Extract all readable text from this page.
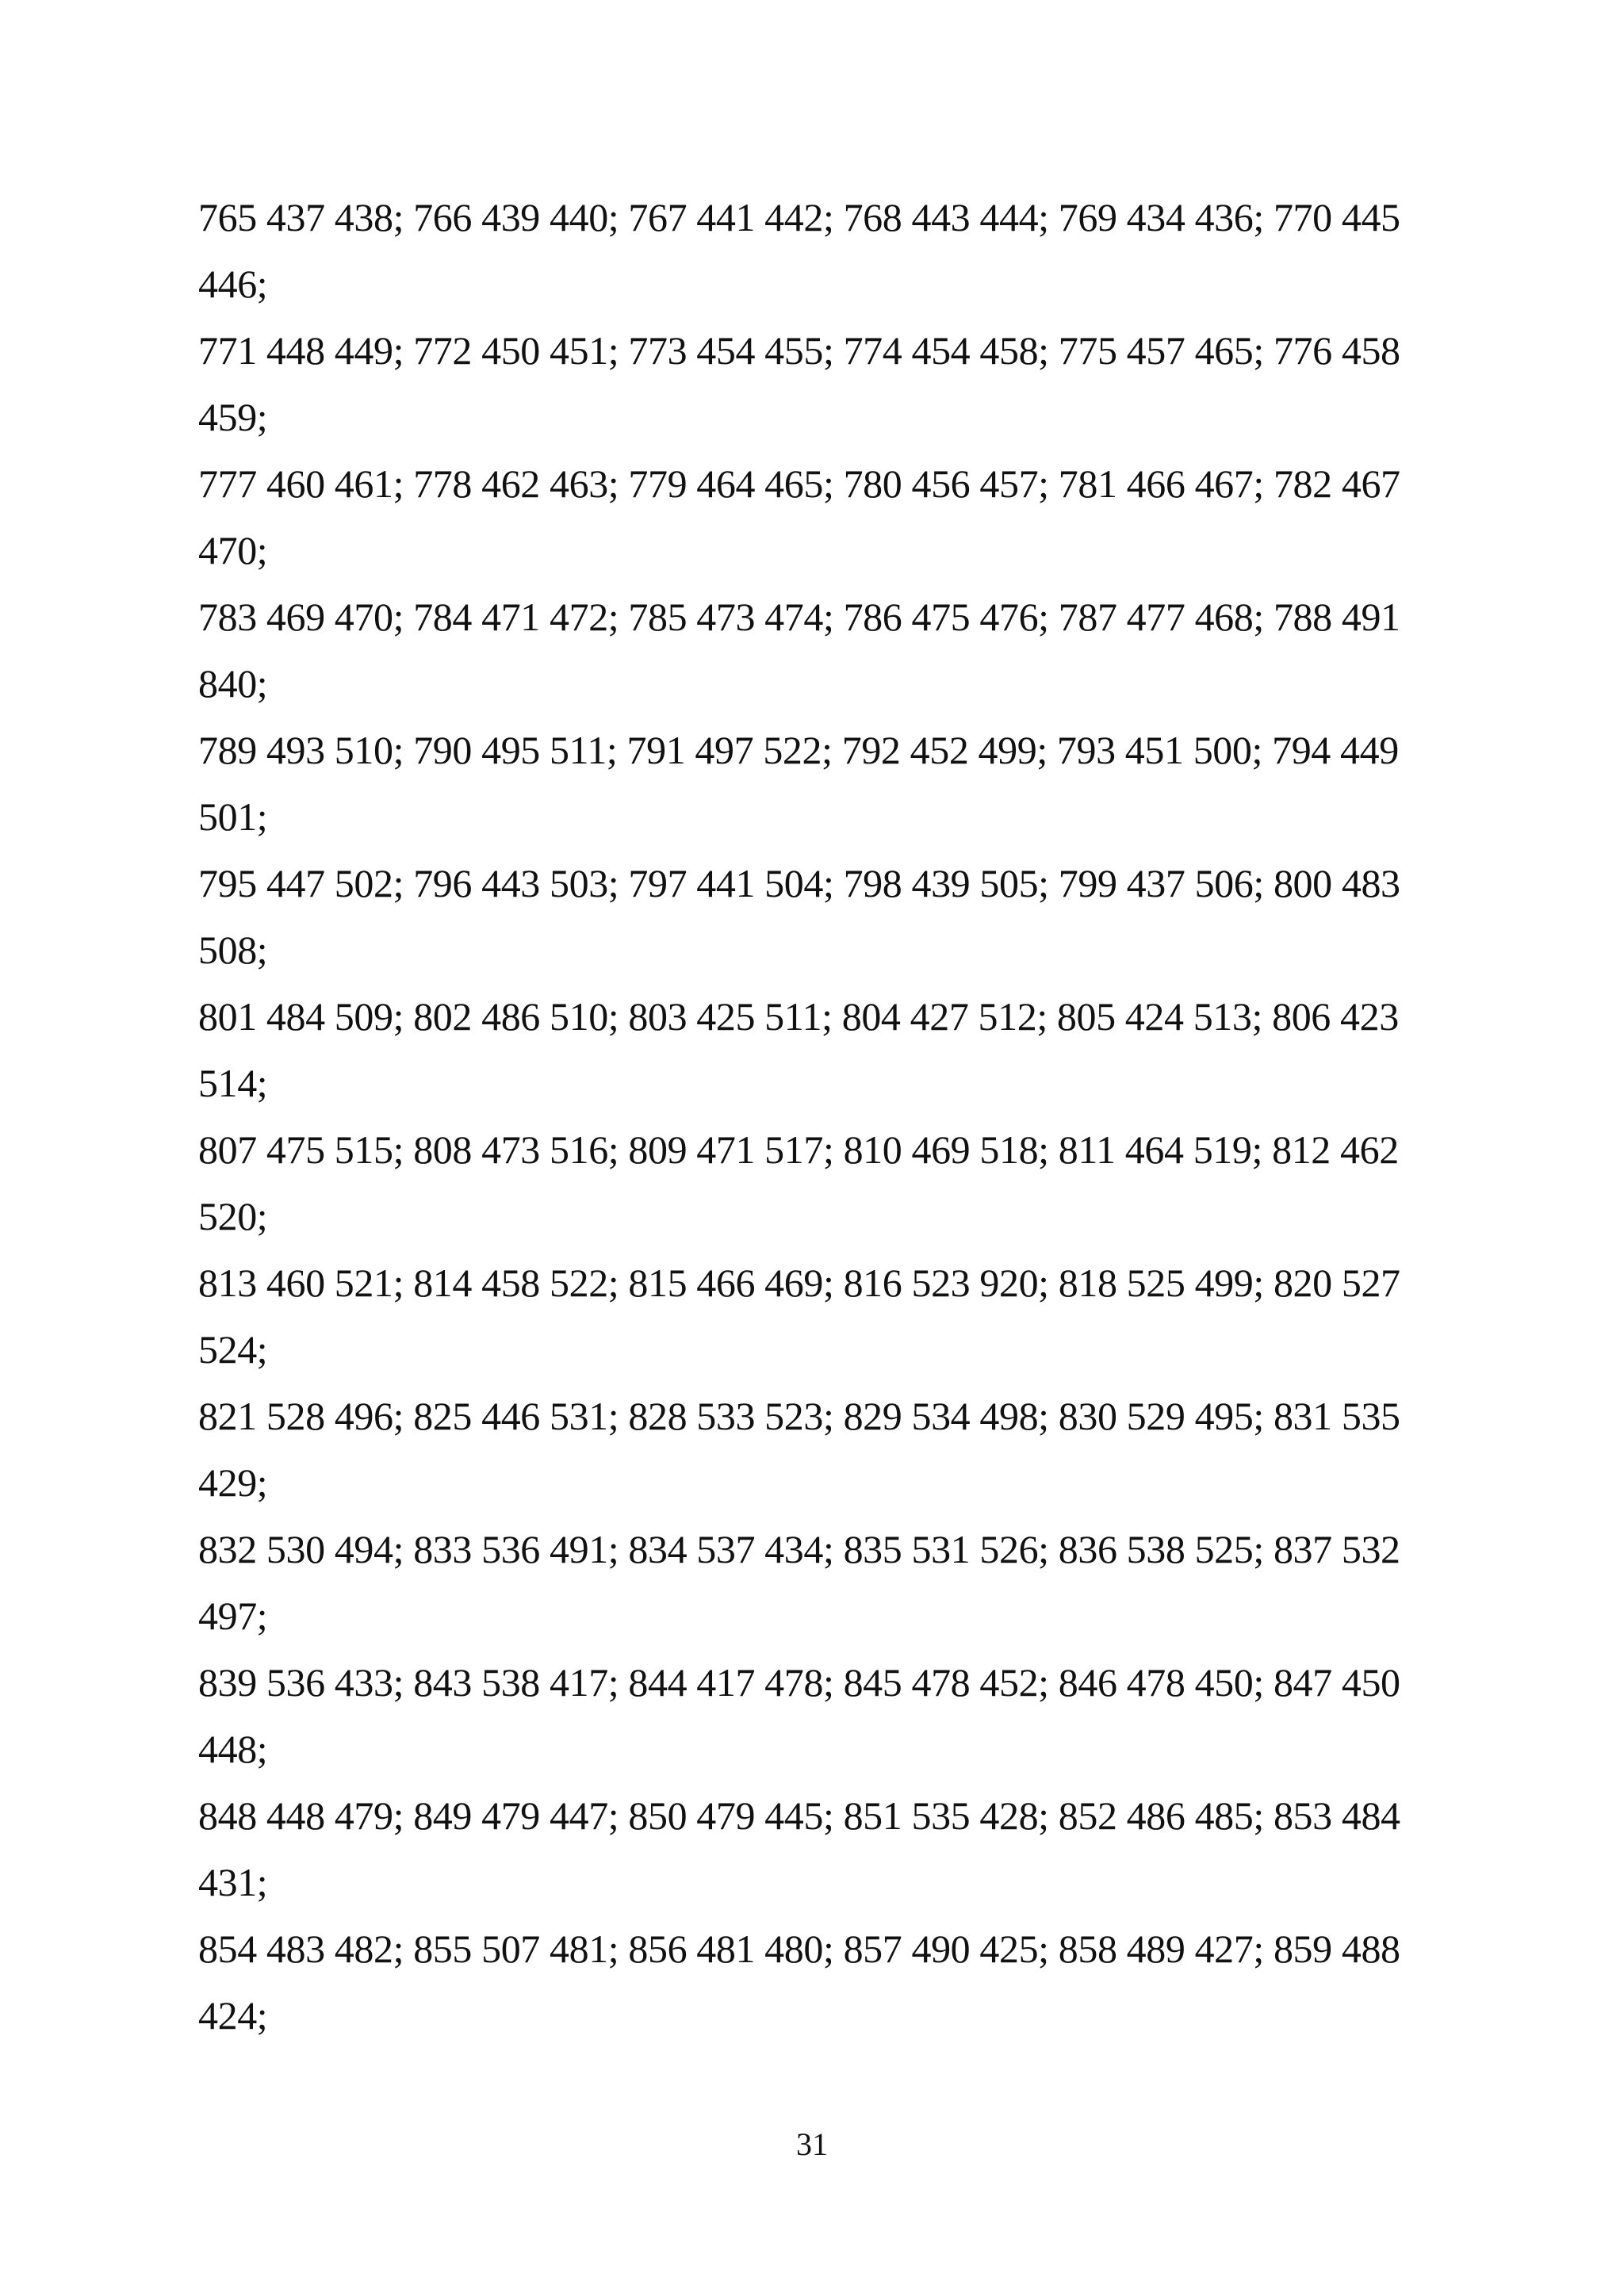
765 437 438; 766 439 440; 767 441 442; 768 443 444; 769 434 436; 770 445
446;
771 448 449; 772 450 451; 773 454 455; 774 454 458; 775 457 465; 776 458
459;
777 460 461; 778 462 463; 779 464 465; 780 456 457; 781 466 467; 782 467
470;
783 469 470; 784 471 472; 785 473 474; 786 475 476; 787 477 468; 788 491
840;
789 493 510; 790 495 511; 791 497 522; 792 452 499; 793 451 500; 794 449
501;
795 447 502; 796 443 503; 797 441 504; 798 439 505; 799 437 506; 800 483
508;
801 484 509; 802 486 510; 803 425 511; 804 427 512; 805 424 513; 806 423
514;
807 475 515; 808 473 516; 809 471 517; 810 469 518; 811 464 519; 812 462
520;
813 460 521; 814 458 522; 815 466 469; 816 523 920; 818 525 499; 820 527
524;
821 528 496; 825 446 531; 828 533 523; 829 534 498; 830 529 495; 831 535
429;
832 530 494; 833 536 491; 834 537 434; 835 531 526; 836 538 525; 837 532
497;
839 536 433; 843 538 417; 844 417 478; 845 478 452; 846 478 450; 847 450
448;
848 448 479; 849 479 447; 850 479 445; 851 535 428; 852 486 485; 853 484
431;
854 483 482; 855 507 481; 856 481 480; 857 490 425; 858 489 427; 859 488
424;
31
